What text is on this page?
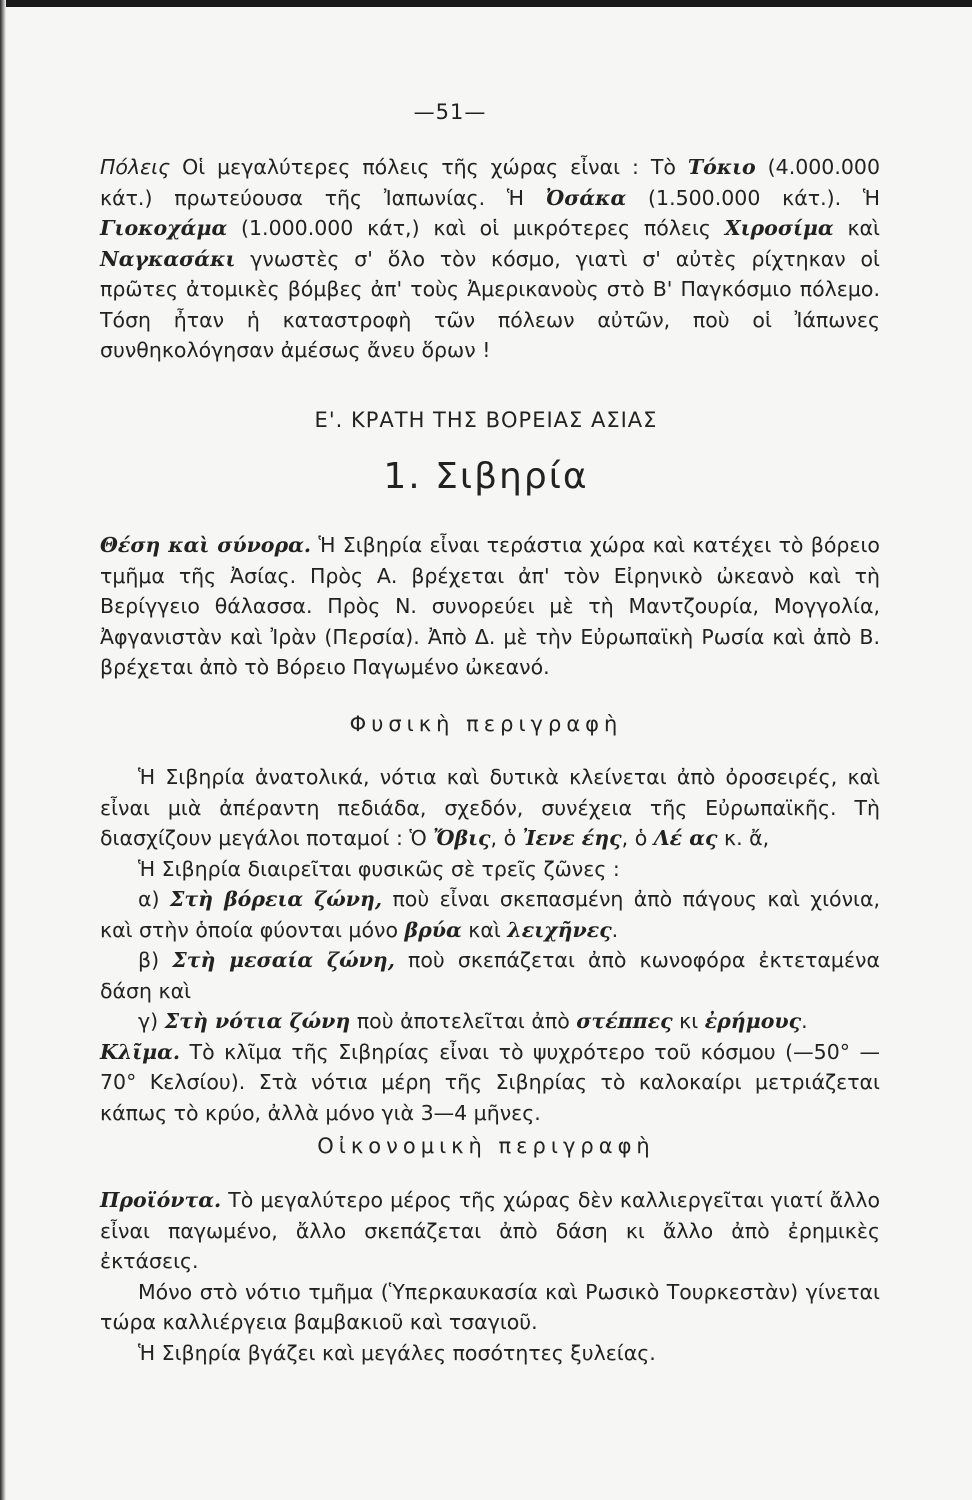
—51—

Πόλεις Οἱ μεγαλύτερες πόλεις τῆς χώρας εἶναι : Τὸ Τόκιο (4.000.000 κάτ.) πρωτεύουσα τῆς Ἰαπωνίας. Ἡ Ὀσάκα (1.500.000 κάτ.). Ἡ Γιοκοχάμα (1.000.000 κάτ,) καὶ οἱ μικρότερες πόλεις Χιροσίμα καὶ Ναγκασάκι γνωστὲς σ' ὅλο τὸν κόσμο, γιατὶ σ' αὐτὲς ρίχτηκαν οἱ πρῶτες ἀτομικὲς βόμβες ἀπ' τοὺς Ἀμερικανοὺς στὸ Β' Παγκόσμιο πόλεμο. Τόση ἦταν ἡ καταστροφὴ τῶν πόλεων αὐτῶν, ποὺ οἱ Ἰάπωνες συνθηκολόγησαν ἀμέσως ἄνευ ὅρων !

Ε'. ΚΡΑΤΗ ΤΗΣ ΒΟΡΕΙΑΣ ΑΣΙΑΣ
1. Σιβηρία

Θέση καὶ σύνορα. Ἡ Σιβηρία εἶναι τεράστια χώρα καὶ κατέχει τὸ βόρειο τμῆμα τῆς Ἀσίας. Πρὸς Α. βρέχεται ἀπ' τὸν Εἰρηνικὸ ὠκεανὸ καὶ τὴ Βερίγγειο θάλασσα. Πρὸς Ν. συνορεύει μὲ τὴ Μαντζουρία, Μογγολία, Ἀφγανιστὰν καὶ Ἰρὰν (Περσία). Ἀπὸ Δ. μὲ τὴν Εὐρωπαϊκὴ Ρωσία καὶ ἀπὸ Β. βρέχεται ἀπὸ τὸ Βόρειο Παγωμένο ὠκεανό.

Φυσικὴ περιγραφὴ

Ἡ Σιβηρία ἀνατολικά, νότια καὶ δυτικὰ κλείνεται ἀπὸ ὀροσειρές, καὶ εἶναι μιὰ ἀπέραντη πεδιάδα, σχεδόν, συνέχεια τῆς Εὐρωπαϊκῆς. Τὴ διασχίζουν μεγάλοι ποταμοί : Ὁ Ὄβις, ὁ Ἰενε έης, ὁ Λέ ας κ. ἄ,

Ἡ Σιβηρία διαιρεῖται φυσικῶς σὲ τρεῖς ζῶνες :

α) Στὴ βόρεια ζώνη, ποὺ εἶναι σκεπασμένη ἀπὸ πάγους καὶ χιόνια, καὶ στὴν ὁποία φύονται μόνο βρύα καὶ λειχῆνες.

β) Στὴ μεσαία ζώνη, ποὺ σκεπάζεται ἀπὸ κωνοφόρα ἐκτεταμένα δάση καὶ

γ) Στὴ νότια ζώνη ποὺ ἀποτελεῖται ἀπὸ στέππες κι ἐρήμους.

Κλῖμα. Τὸ κλῖμα τῆς Σιβηρίας εἶναι τὸ ψυχρότερο τοῦ κόσμου (—50° —70° Κελσίου). Στὰ νότια μέρη τῆς Σιβηρίας τὸ καλοκαίρι μετριάζεται κάπως τὸ κρύο, ἀλλὰ μόνο γιὰ 3—4 μῆνες.

Οἰκονομικὴ περιγραφὴ

Προϊόντα. Τὸ μεγαλύτερο μέρος τῆς χώρας δὲν καλλιεργεῖται γιατί ἄλλο εἶναι παγωμένο, ἄλλο σκεπάζεται ἀπὸ δάση κι ἄλλο ἀπὸ ἐρημικὲς ἐκτάσεις.

Μόνο στὸ νότιο τμῆμα (Ὑπερκαυκασία καὶ Ρωσικὸ Τουρκεστὰν) γίνεται τώρα καλλιέργεια βαμβακιοῦ καὶ τσαγιοῦ.

Ἡ Σιβηρία βγάζει καὶ μεγάλες ποσότητες ξυλείας.
